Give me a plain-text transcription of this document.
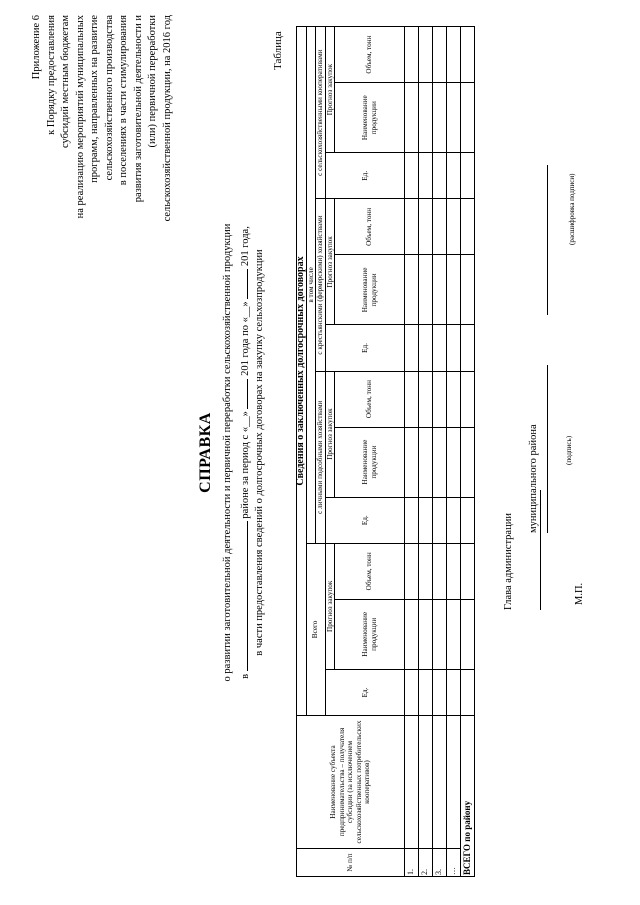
Приложение 6 к Порядку предоставления субсидий местным бюджетам на реализацию мероприятий муниципальных программ, направленных на развитие сельскохозяйственного производства в поселениях в части стимулирования развития заготовительной деятельности и (или) первичной переработки сельскохозяйственной продукции, на 2016 год
СПРАВКА о развитии заготовительной деятельности и первичной переработки сельскохозяйственной продукции в  районе за период с «__»  201 года по «__»  201 года,
в части предоставления сведений о долгосрочных договорах на закупку сельхозпродукции
Таблица
№ п/п	Наименование субъекта предпринимательства – получателя субсидии (за исключением сельскохозяйственных потребительских кооперативов)	Сведения о заключенных долгосрочных договорах											
		Всего			в том числе								
					с личными подсобными хозяйствами			с крестьянскими (фермерскими) хозяйствами			с сельскохозяйственными кооперативами		
		Ед.	Прогноз закупок		Ед.	Прогноз закупок		Ед.	Прогноз закупок		Ед.	Прогноз закупок	
			Наименование продукции	Объем, тонн		Наименование продукции	Объем, тонн		Наименование продукции	Объем, тонн		Наименование продукции	Объем, тонн
1.													
2.													
3.													
…													
ВСЕГО по району													
Глава администрации
муниципального района	(подпись)
(расшифровка подписи)
М.П.
